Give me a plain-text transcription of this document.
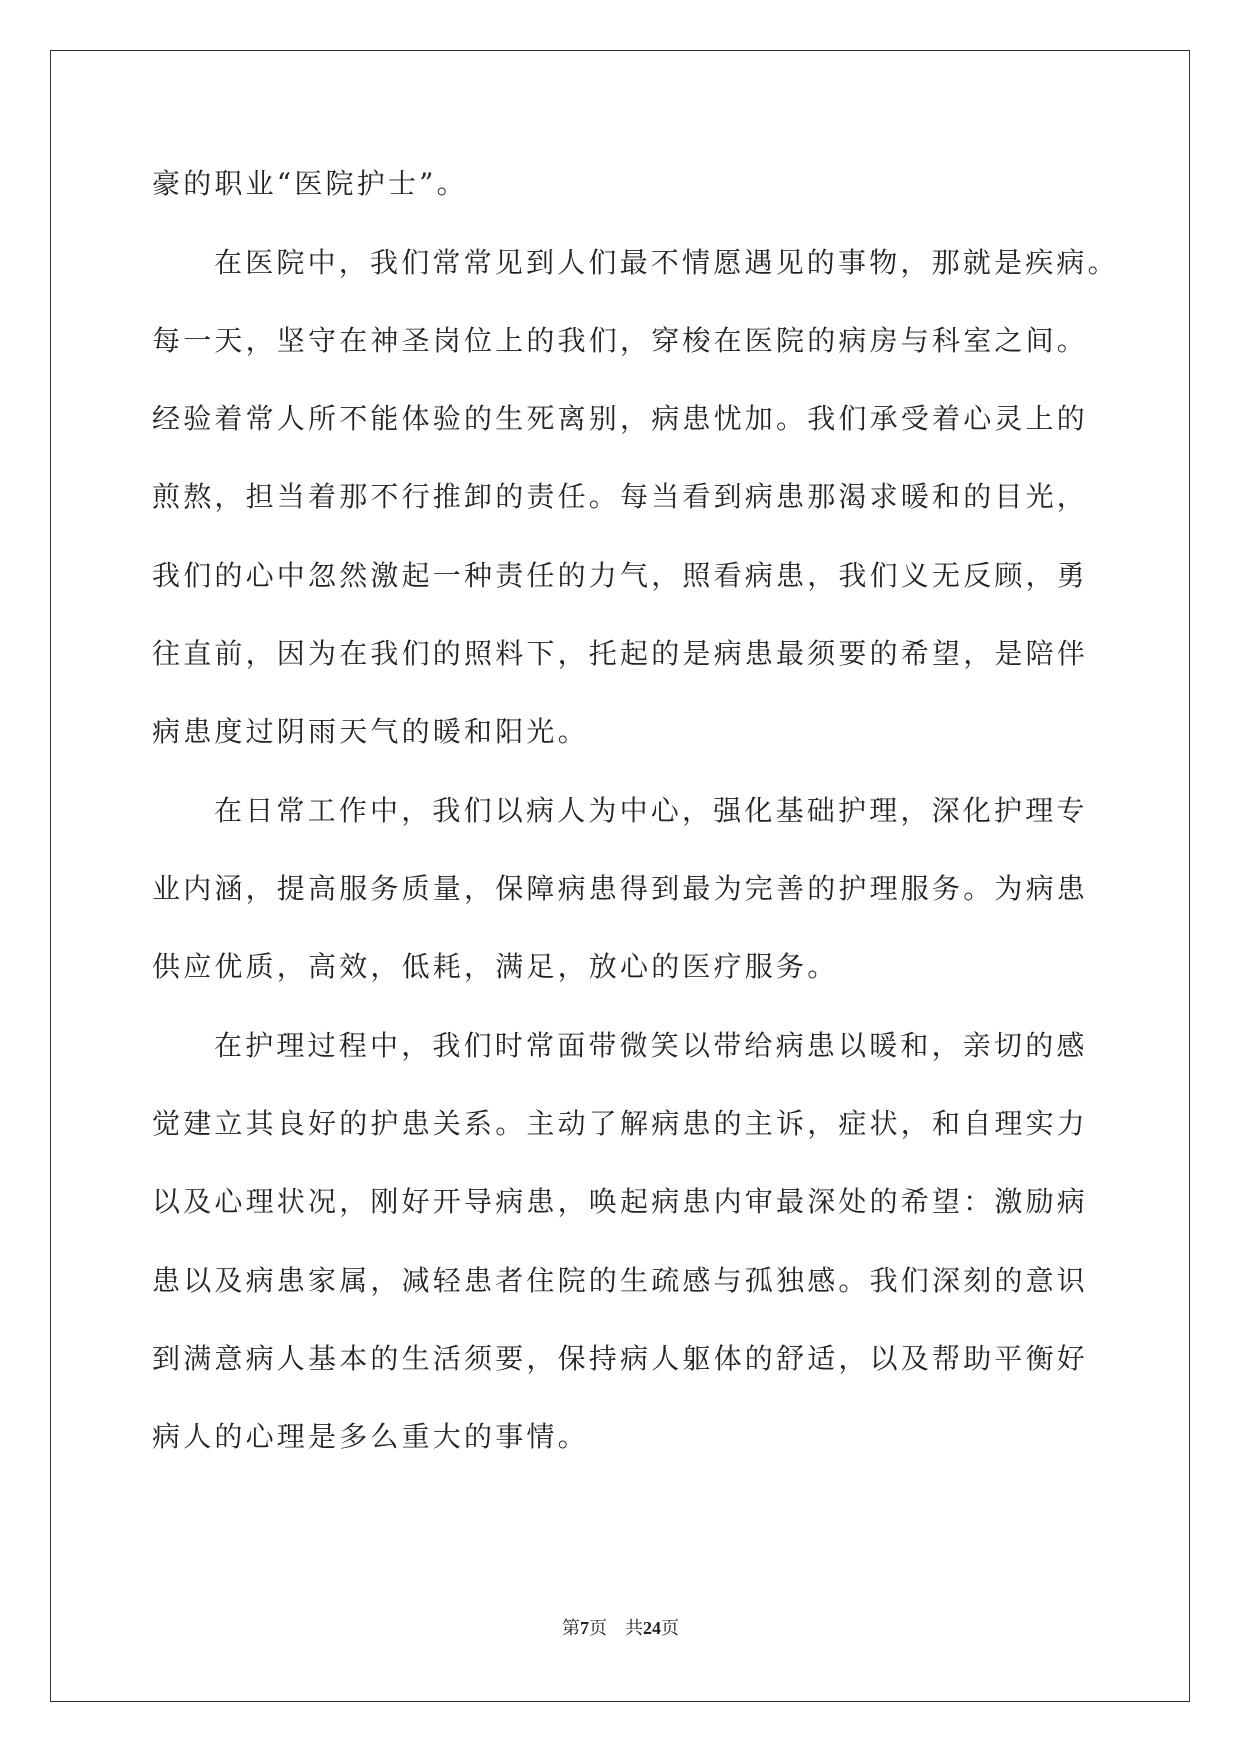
豪的职业“医院护士”。
在医院中，我们常常见到人们最不情愿遇见的事物，那就是疾病。
每一天，坚守在神圣岗位上的我们，穿梭在医院的病房与科室之间。
经验着常人所不能体验的生死离别，病患忧加。我们承受着心灵上的
煎熬，担当着那不行推卸的责任。每当看到病患那渴求暖和的目光，
我们的心中忽然激起一种责任的力气，照看病患，我们义无反顾，勇
往直前，因为在我们的照料下，托起的是病患最须要的希望，是陪伴
病患度过阴雨天气的暖和阳光。
在日常工作中，我们以病人为中心，强化基础护理，深化护理专
业内涵，提高服务质量，保障病患得到最为完善的护理服务。为病患
供应优质，高效，低耗，满足，放心的医疗服务。
在护理过程中，我们时常面带微笑以带给病患以暖和，亲切的感
觉建立其良好的护患关系。主动了解病患的主诉，症状，和自理实力
以及心理状况，刚好开导病患，唤起病患内审最深处的希望：激励病
患以及病患家属，减轻患者住院的生疏感与孤独感。我们深刻的意识
到满意病人基本的生活须要，保持病人躯体的舒适，以及帮助平衡好
病人的心理是多么重大的事情。
第7页 共24页
